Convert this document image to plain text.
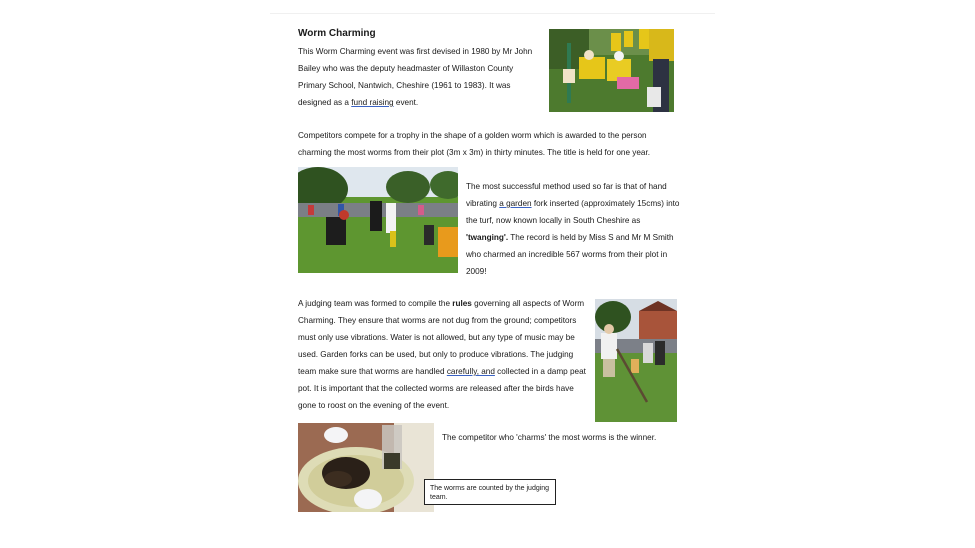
Worm Charming

This Worm Charming event was first devised in 1980 by Mr John Bailey who was the deputy headmaster of Willaston County Primary School, Nantwich, Cheshire (1961 to 1983). It was designed as a fund raising event.

Competitors compete for a trophy in the shape of a golden worm which is awarded to the person charming the most worms from their plot (3m x 3m) in thirty minutes. The title is held for one year.

The most successful method used so far is that of hand vibrating a garden fork inserted (approximately 15cms) into the turf, now known locally in South Cheshire as 'twanging'. The record is held by Miss S and Mr M Smith who charmed an incredible 567 worms from their plot in 2009!

A judging team was formed to compile the rules governing all aspects of Worm Charming. They ensure that worms are not dug from the ground; competitors must only use vibrations. Water is not allowed, but any type of music may be used. Garden forks can be used, but only to produce vibrations. The judging team make sure that worms are handled carefully, and collected in a damp peat pot. It is important that the collected worms are released after the birds have gone to roost on the evening of the event.

The competitor who 'charms' the most worms is the winner.

The worms are counted by the judging team.
